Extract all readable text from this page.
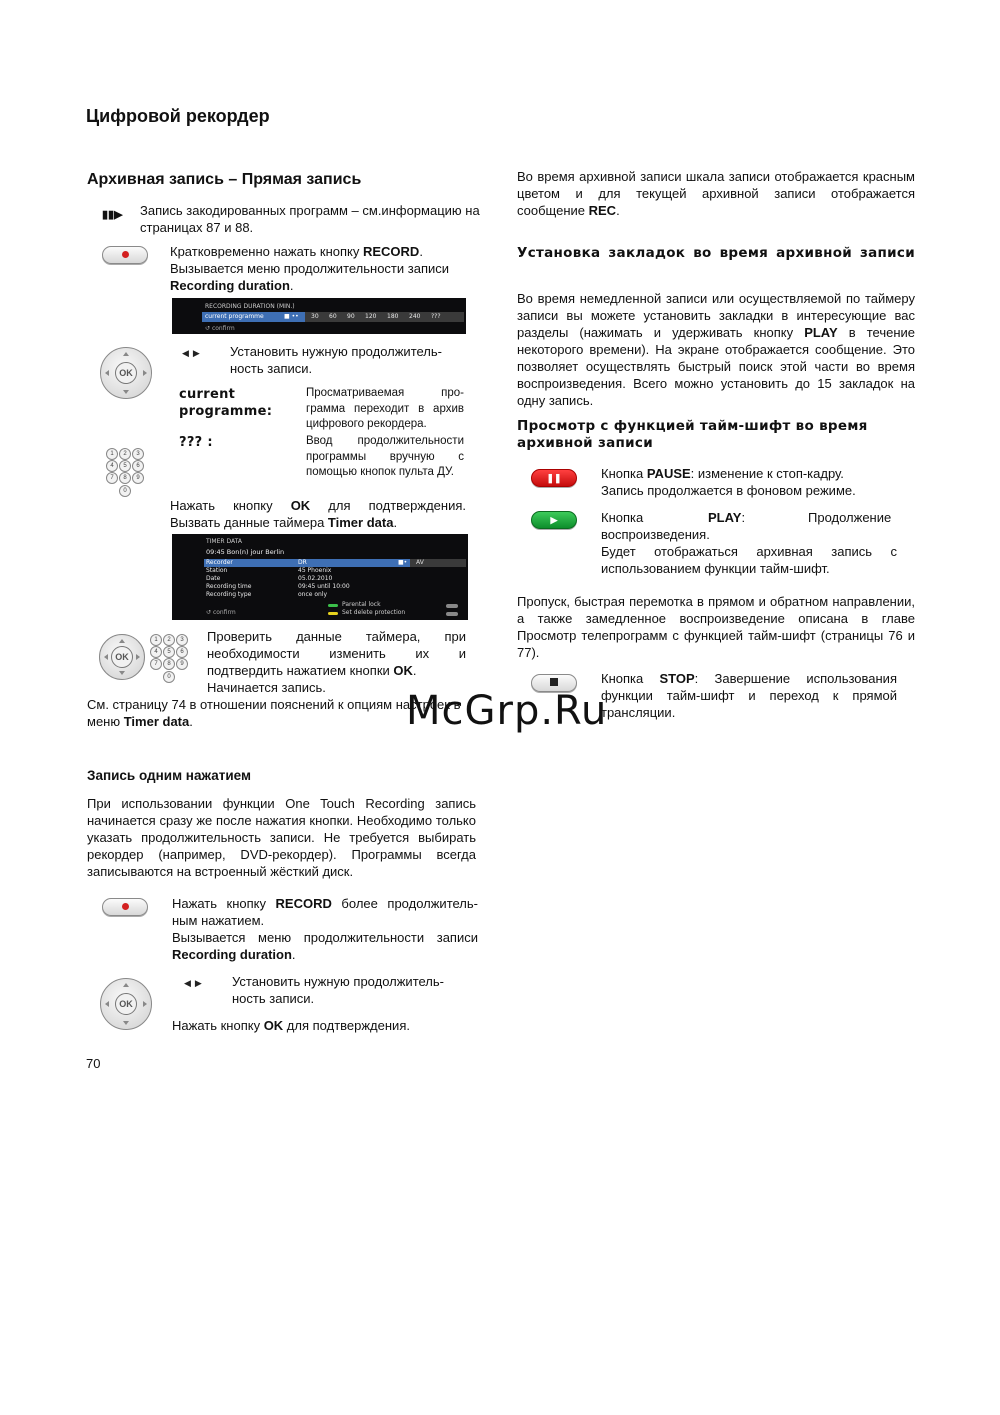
Цифровой рекордер
Архивная запись – Прямая запись
▮▮▶ Запись закодированных программ – см.информацию на страницах 87 и 88.
Кратковременно нажать кнопку RECORD.
Вызывается меню продолжительности записи
Recording duration.
RECORDING DURATION (MIN.)
current programme	■ •• 30 60 90 120 180 240 ???
↺ confirm
OK
◀▶ Установить нужную продолжитель-ность записи.
current programme:
Просматриваемая про-грамма переходит в архив цифрового рекордера.
1	2	3
4	5	6
7	8	9
0
??? :	Ввод продолжительности программы вручную с помощью кнопок пульта ДУ.
Нажать кнопку OK для подтверждения.
Вызвать данные таймера Timer data.
TIMER DATA
09:45 Bon(n) jour Berlin
Recorder	DR	■• AV
Station	45 Phoenix
Date	05.02.2010
Recording time	09:45 until 10:00
Recording type	once only
Parental lock
Set delete protection
↺ confirm
OK
1	2	3
4	5	6
7	8	9
0
Проверить данные таймера, при необходимости изменить их и подтвердить нажатием кнопки OK.
Начинается запись.
См. страницу 74 в отношении пояснений к опциям настроек в меню Timer data.
Запись одним нажатием
При использовании функции One Touch Recording запись начинается сразу же после нажатия кнопки. Необходимо только указать продолжительность записи. Не требуется выбирать рекордер (например, DVD-рекордер). Программы всегда записываются на встроенный жёсткий диск.
Нажать кнопку RECORD более продолжитель-ным нажатием.
Вызывается меню продолжительности записи
Recording duration.
OK
◀▶ Установить нужную продолжитель-ность записи.
Нажать кнопку OK для подтверждения.
70
Во время архивной записи шкала записи отображается красным цветом и для текущей архивной записи отображается сообщение REC.
Установка закладок во время архивной записи
Во время немедленной записи или осуществляемой по таймеру записи вы можете установить закладки в интересующие вас разделы (нажимать и удерживать кнопку PLAY в течение некоторого времени). На экране отображается сообщение. Это позволяет осуществлять быстрый поиск этой части во время воспроизведения. Всего можно установить до 15 закладок на одну запись.
Просмотр с функцией тайм-шифт во время архивной записи
❚❚	Кнопка PAUSE: изменение к стоп-кадру.
Запись продолжается в фоновом режиме.
▶	Кнопка	PLAY:	Продолжение
воспроизведения.
Будет отображаться архивная запись с использованием функции тайм-шифт.
Пропуск, быстрая перемотка в прямом и обратном направлении, а также замедленное воспроизведение описана в главе Просмотр телепрограмм с функцией тайм-шифт (страницы 76 и 77).
Кнопка STOP: Завершение использования функции тайм-шифт и переход к прямой трансляции.
McGrp.Ru
